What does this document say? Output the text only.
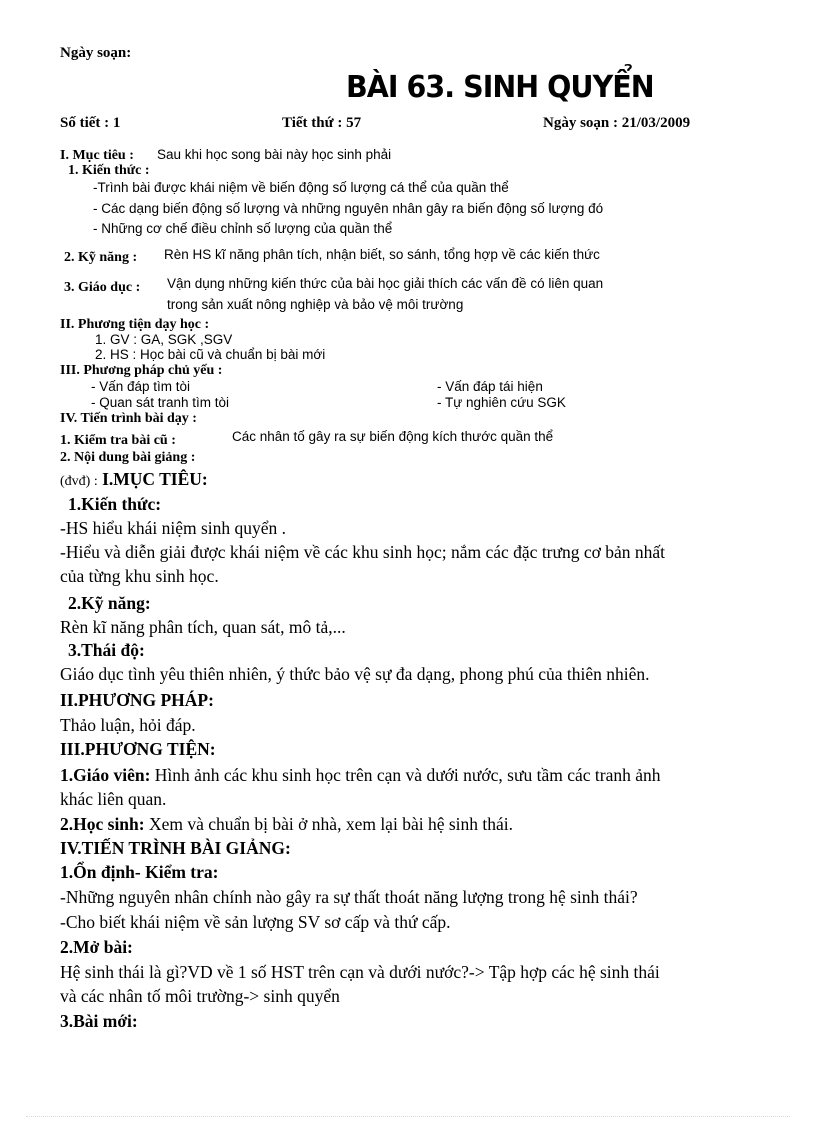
Ngày soạn:
BÀI 63. SINH QUYỂN
Số tiết : 1	Tiết thứ : 57	Ngày soạn : 21/03/2009
I. Mục tiêu : Sau khi học song bài này học sinh phải
1. Kiến thức :
-Trình bài được khái niệm về biến động số lượng cá thể của quần thể
- Các dạng biến động số lượng và những nguyên nhân gây ra biến động số lượng đó
- Những cơ chế điều chỉnh số lượng của quần thể
2. Kỹ năng : Rèn HS kĩ năng phân tích, nhận biết, so sánh, tổng hợp về các kiến thức
3. Giáo dục : Vận dụng những kiến thức của bài học giải thích các vấn đề có liên quan
trong sản xuất nông nghiệp và bảo vệ môi trường
II. Phương tiện dạy học :
1. GV : GA, SGK ,SGV
2. HS : Học bài cũ và chuẩn bị bài mới
III. Phương pháp chủ yếu :
- Vấn đáp tìm tòi
- Quan sát tranh tìm tòi
- Vấn đáp tái hiện
- Tự nghiên cứu SGK
IV. Tiến trình bài dạy :
1. Kiểm tra bài cũ :	Các nhân tố gây ra sự biến động kích thước quần thể
2. Nội dung bài giảng :
(đvđ) : I.MỤC TIÊU:
1.Kiến thức:
-HS hiểu khái niệm sinh quyển .
-Hiểu và diễn giải được khái niệm về các khu sinh học; nắm các đặc trưng cơ bản nhất
của từng khu sinh học.
2.Kỹ năng:
Rèn kĩ năng phân tích, quan sát, mô tả,...
3.Thái độ:
Giáo dục tình yêu thiên nhiên, ý thức bảo vệ sự đa dạng, phong phú của thiên nhiên.
II.PHƯƠNG PHÁP:
Thảo luận, hỏi đáp.
III.PHƯƠNG TIỆN:
1.Giáo viên: Hình ảnh các khu sinh học trên cạn và dưới nước, sưu tầm các tranh ảnh
khác liên quan.
2.Học sinh: Xem và chuẩn bị bài ở nhà, xem lại bài hệ sinh thái.
IV.TIẾN TRÌNH BÀI GIẢNG:
1.Ổn định- Kiểm tra:
-Những nguyên nhân chính nào gây ra sự thất thoát năng lượng trong hệ sinh thái?
-Cho biết khái niệm về sản lượng SV sơ cấp và thứ cấp.
2.Mở bài:
Hệ sinh thái là gì?VD về 1 số HST trên cạn và dưới nước?-> Tập hợp các hệ sinh thái
và các nhân tố môi trường-> sinh quyển
3.Bài mới:
